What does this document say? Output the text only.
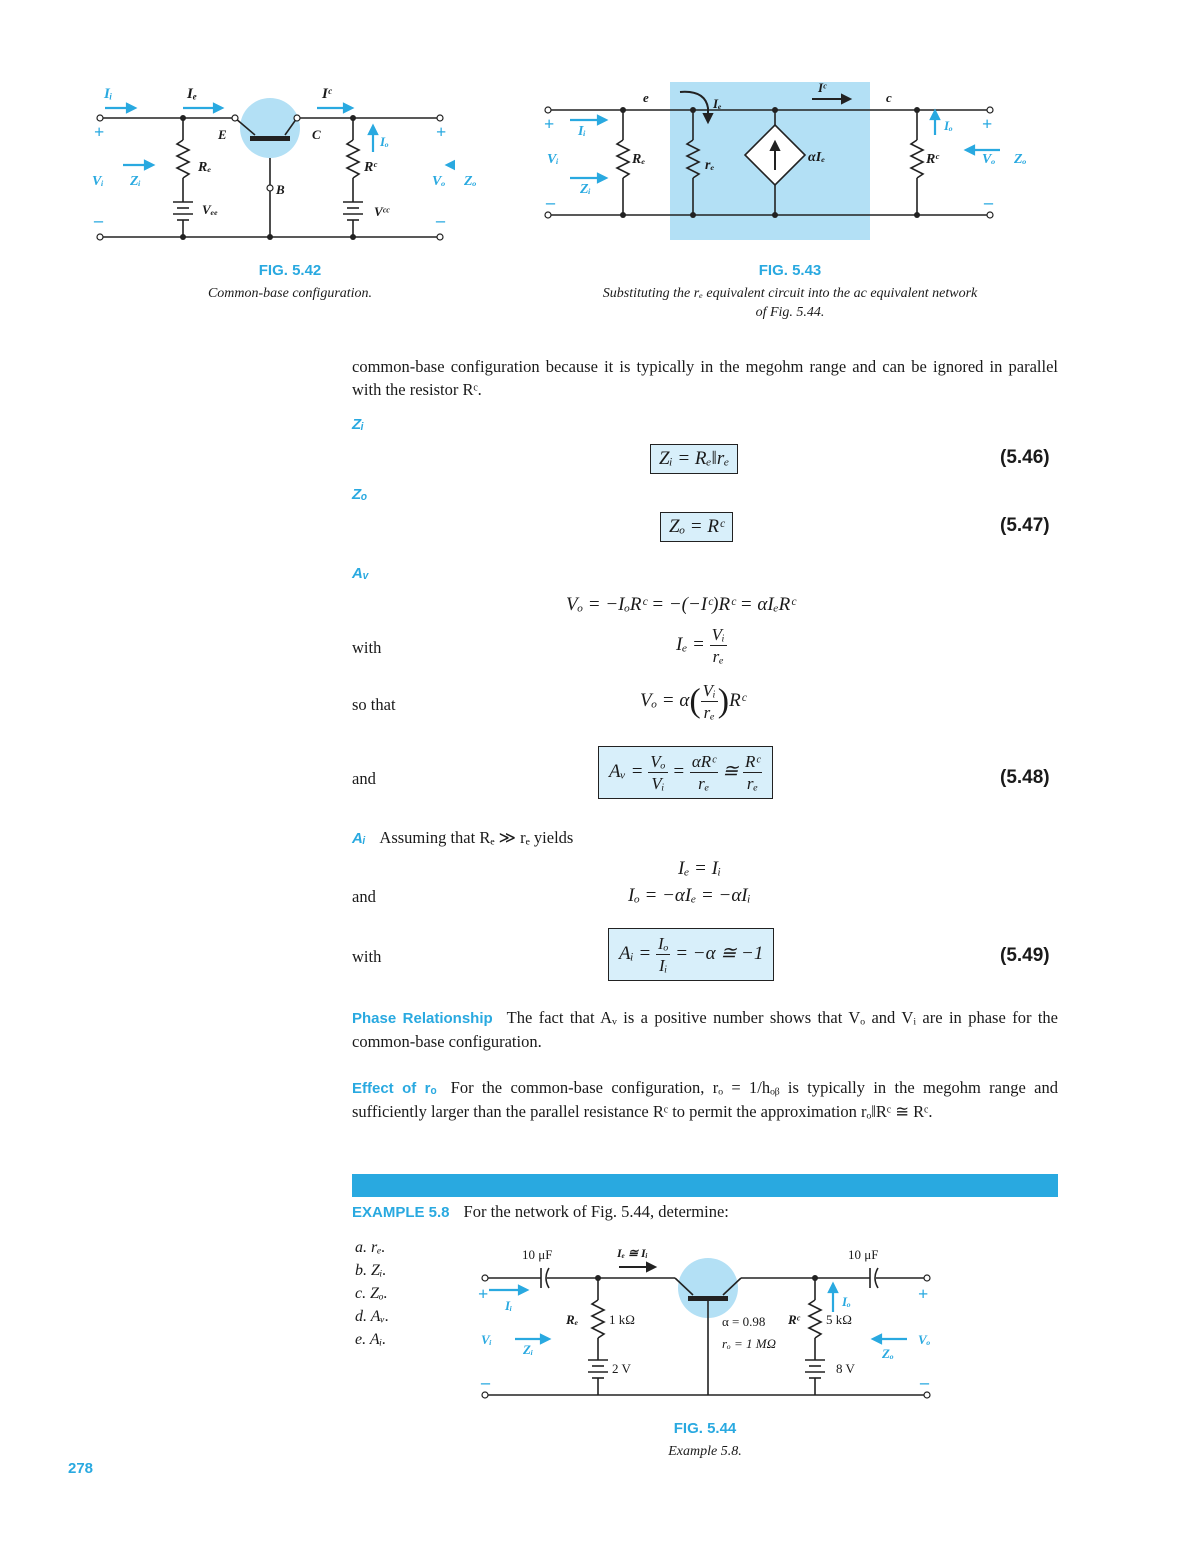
Iᵢ	Iₑ	Iᶜ
+
–
+
–
E	C
B
Rₑ	Rᶜ
Iₒ
Vₑₑ	Vᶜᶜ
Vᵢ Zᵢ	Vₒ Zₒ
FIG. 5.42
Common-base configuration.
e	c
Iₑ
Iᶜ
+
–
+
–
Iᵢ
Vᵢ
Zᵢ
Rₑ	rₑ
αIₑ	Rᶜ
Iₒ
Vₒ Zₒ
FIG. 5.43
Substituting the rₑ equivalent circuit into the ac equivalent network
of Fig. 5.44.
common-base configuration because it is typically in the megohm range and can be ignored in parallel with the resistor Rᶜ.
Zᵢ
Zᵢ = Rₑ‖rₑ	(5.46)
Zₒ
Zₒ = Rᶜ	(5.47)
Aᵥ
Vₒ = −IₒRᶜ = −(−Iᶜ)Rᶜ = αIₑRᶜ
with	$I_e = \frac{\text{Vᵢ}}{\text{rₑ}}$
so that	$V_o = \alpha( \frac{\text{Vᵢ}}{\text{rₑ}}$ )Rᶜ
and	Aᵥ = $\frac{\text{Vₒ}}{\text{Vᵢ}} = \frac{\text{αRᶜ}}{\text{rₑ}}$ ≅ $\frac{\text{Rᶜ}}{\text{rₑ}}$	(5.48)
Aᵢ Assuming that Rₑ ≫ rₑ yields
Iₑ = Iᵢ
and	Iₒ = −αIₑ = −αIᵢ
with	Aᵢ = $\frac{\text{Iₒ}}{\text{Iᵢ}} = -\alpha$ ≅ −1	(5.49)
Phase Relationship The fact that Aᵥ is a positive number shows that Vₒ and Vᵢ are in phase for the common-base configuration.
Effect of rₒ For the common-base configuration, rₒ = 1/hₒᵦ is typically in the megohm range and sufficiently larger than the parallel resistance Rᶜ to permit the approximation rₒ‖Rᶜ ≅ Rᶜ.
EXAMPLE 5.8 For the network of Fig. 5.44, determine:
a. rₑ.
b. Zᵢ.
c. Zₒ.
d. Aᵥ.
e. Aᵢ.
10 μF	10 μF
Iₑ ≅ Iᵢ
+
–
+
–
Iᵢ
Vᵢ
Zᵢ
Rₑ 1 kΩ
2 V
α = 0.98
rₒ = 1 MΩ
Rᶜ 5 kΩ
8 V
Iₒ
Vₒ
Zₒ
FIG. 5.44
Example 5.8.
278
